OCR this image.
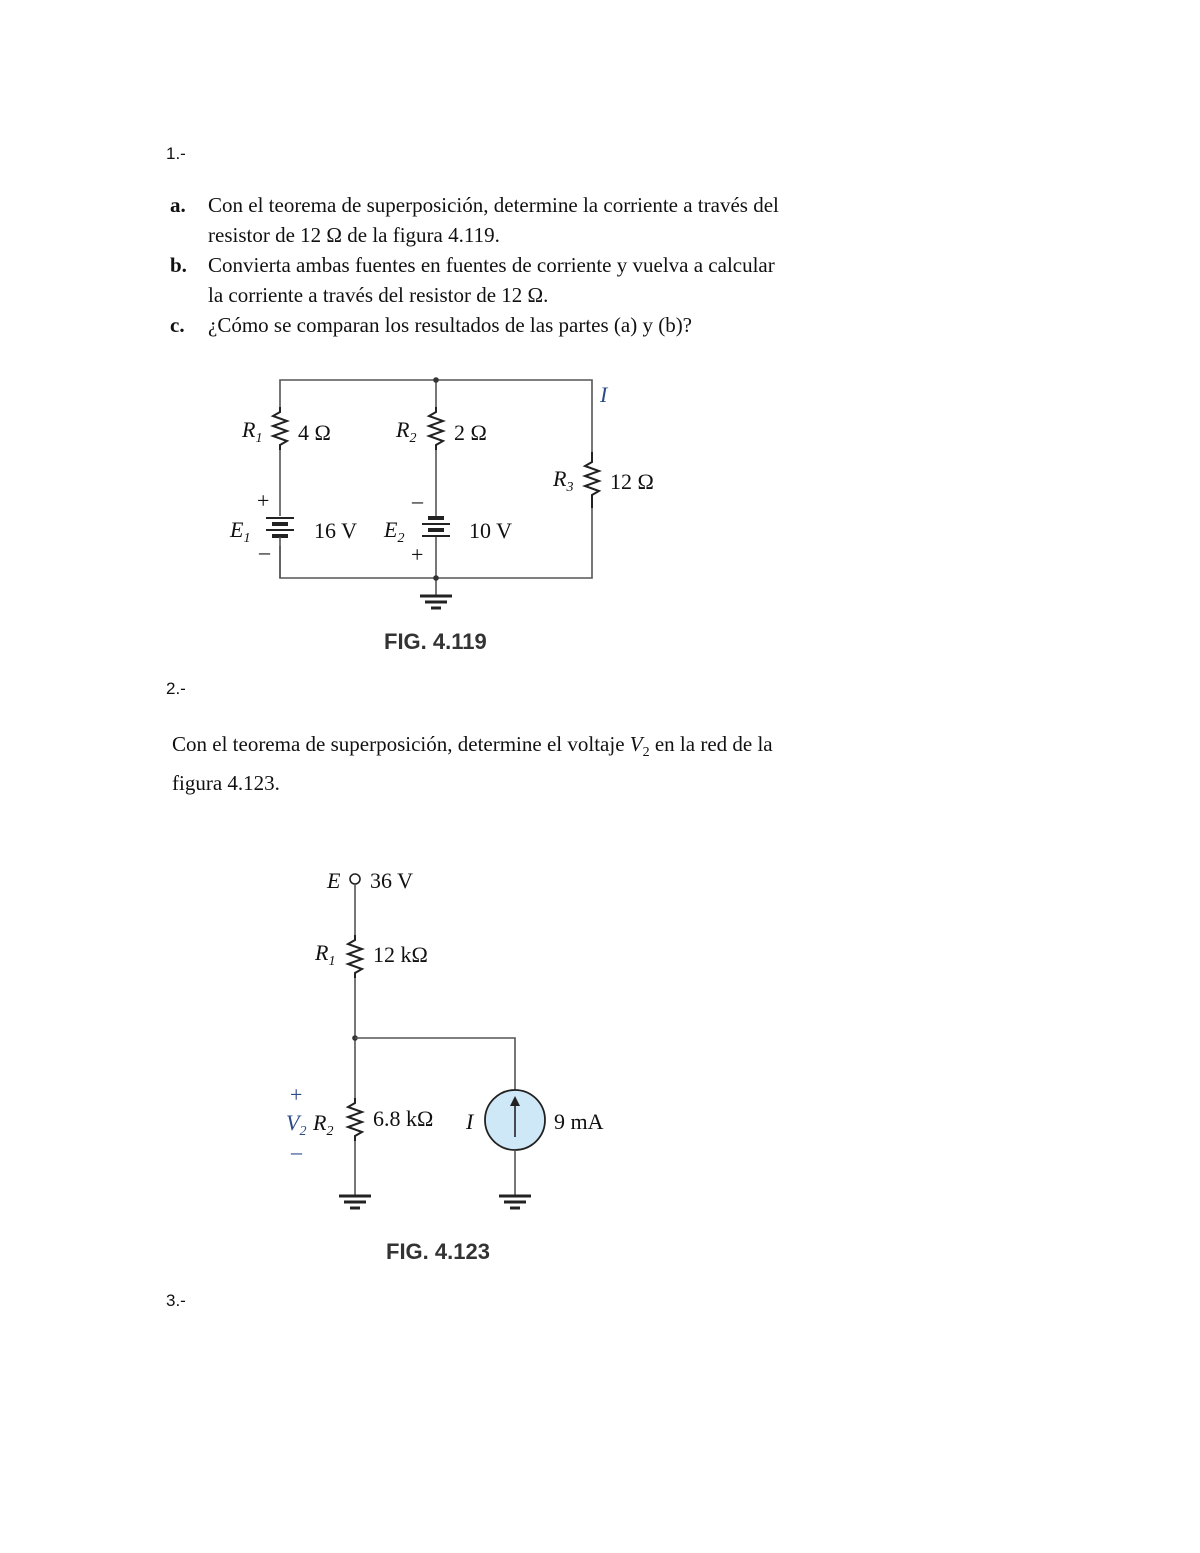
1.-
a.	Con el teorema de superposición, determine la corriente a través del resistor de 12 Ω de la figura 4.119.
b.	Convierta ambas fuentes en fuentes de corriente y vuelva a calcular la corriente a través del resistor de 12 Ω.
c.	¿Cómo se comparan los resultados de las partes (a) y (b)?
$R_1$ 4 Ω	$R_2$ 2 Ω
$R_3$ 12 Ω
I
+
–
$E_1$	16 V
–
+
$E_2$	10 V
FIG. 4.119
2.-
Con el teorema de superposición, determine el voltaje $V_2$ en la red de la figura 4.123.
E 36 V
$R_1$ 12 kΩ
+
–
$V_2$ $R_2$
6.8 kΩ I	9 mA
FIG. 4.123
3.-
